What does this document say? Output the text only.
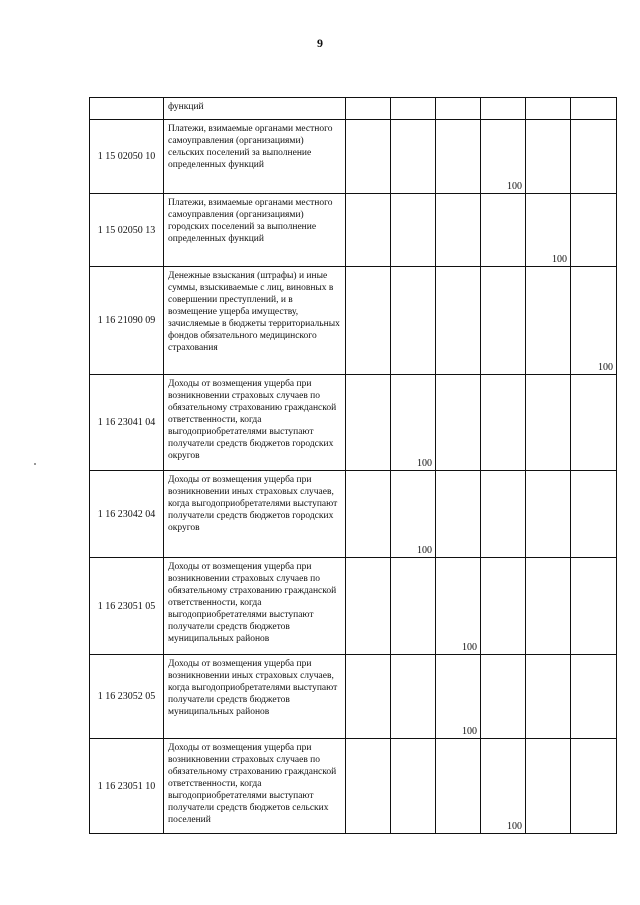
9
	функций						
1 15 02050 10	Платежи, взимаемые органами местного самоуправления (организациями) сельских поселений за выполнение определенных функций				100		
1 15 02050 13	Платежи, взимаемые органами местного самоуправления (организациями) городских поселений за выполнение определенных функций					100	
1 16 21090 09	Денежные взыскания (штрафы) и иные суммы, взыскиваемые с лиц, виновных в совершении преступлений, и в возмещение ущерба имуществу, зачисляемые в бюджеты территориальных фондов обязательного медицинского страхования						100
1 16 23041 04	Доходы от возмещения ущерба при возникновении страховых случаев по обязательному страхованию гражданской ответственности, когда выгодоприобретателями выступают получатели средств бюджетов городских округов		100				
1 16 23042 04	Доходы от возмещения ущерба при возникновении иных страховых случаев, когда выгодоприобретателями выступают получатели средств бюджетов городских округов		100				
1 16 23051 05	Доходы от возмещения ущерба при возникновении страховых случаев по обязательному страхованию гражданской ответственности, когда выгодоприобретателями выступают получатели средств бюджетов муниципальных районов			100			
1 16 23052 05	Доходы от возмещения ущерба при возникновении иных страховых случаев, когда выгодоприобретателями выступают получатели средств бюджетов муниципальных районов			100			
1 16 23051 10	Доходы от возмещения ущерба при возникновении страховых случаев по обязательному страхованию гражданской ответственности, когда выгодоприобретателями выступают получатели средств бюджетов сельских поселений				100		
